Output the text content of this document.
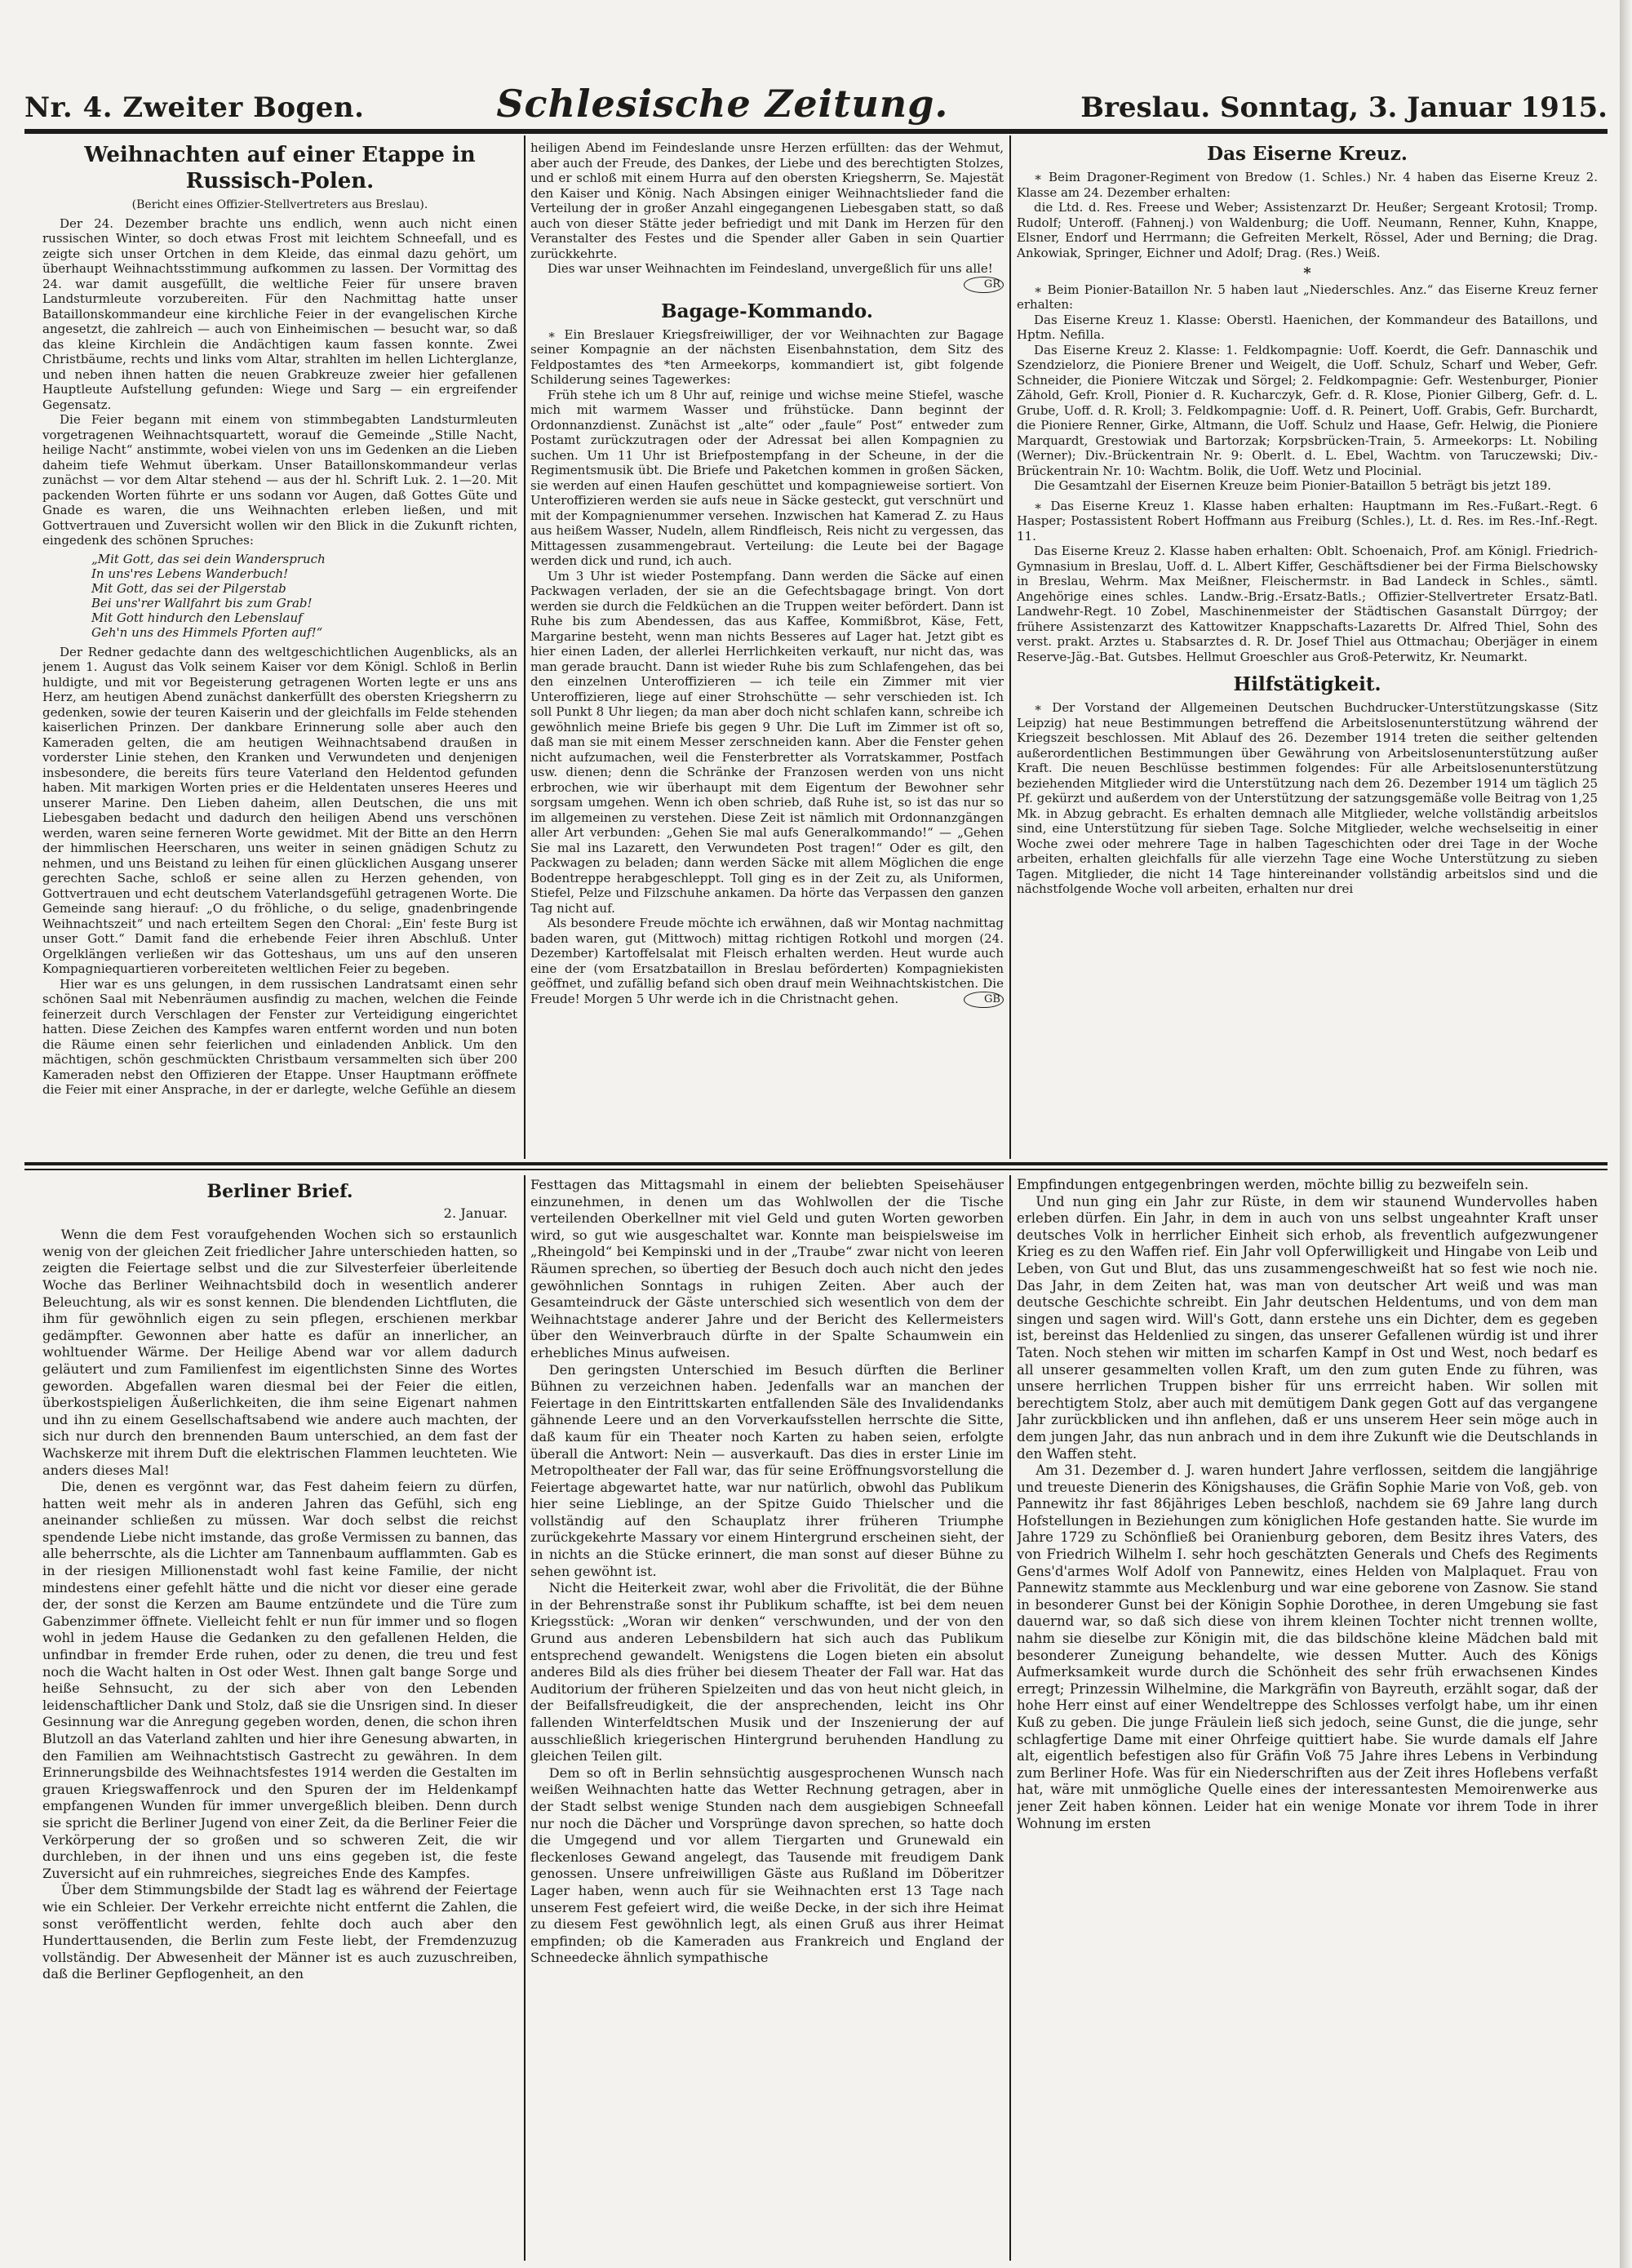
Nr. 4. Zweiter Bogen.	Schlesische Zeitung.	Breslau. Sonntag, 3. Januar 1915.
Weihnachten auf einer Etappe in Russisch-Polen.
(Bericht eines Offizier-Stellvertreters aus Breslau).

Der 24. Dezember brachte uns endlich, wenn auch nicht einen russischen Winter, so doch etwas Frost mit leichtem Schneefall, und es zeigte sich unser Ortchen in dem Kleide, das einmal dazu gehört, um überhaupt Weihnachtsstimmung aufkommen zu lassen. Der Vormittag des 24. war damit ausgefüllt, die weltliche Feier für unsere braven Landsturmleute vorzubereiten. Für den Nachmittag hatte unser Bataillonskommandeur eine kirchliche Feier in der evangelischen Kirche angesetzt, die zahlreich — auch von Einheimischen — besucht war, so daß das kleine Kirchlein die Andächtigen kaum fassen konnte. Zwei Christbäume, rechts und links vom Altar, strahlten im hellen Lichterglanze, und neben ihnen hatten die neuen Grabkreuze zweier hier gefallenen Hauptleute Aufstellung gefunden: Wiege und Sarg — ein ergreifender Gegensatz.

Die Feier begann mit einem von stimmbegabten Landsturmleuten vorgetragenen Weihnachtsquartett, worauf die Gemeinde „Stille Nacht, heilige Nacht“ anstimmte, wobei vielen von uns im Gedenken an die Lieben daheim tiefe Wehmut überkam. Unser Bataillonskommandeur verlas zunächst — vor dem Altar stehend — aus der hl. Schrift Luk. 2. 1—20. Mit packenden Worten führte er uns sodann vor Augen, daß Gottes Güte und Gnade es waren, die uns Weihnachten erleben ließen, und mit Gottvertrauen und Zuversicht wollen wir den Blick in die Zukunft richten, eingedenk des schönen Spruches:

„Mit Gott, das sei dein Wanderspruch
In uns'res Lebens Wanderbuch!
Mit Gott, das sei der Pilgerstab
Bei uns'rer Wallfahrt bis zum Grab!
Mit Gott hindurch den Lebenslauf
Geh'n uns des Himmels Pforten auf!“

Der Redner gedachte dann des weltgeschichtlichen Augenblicks, als an jenem 1. August das Volk seinem Kaiser vor dem Königl. Schloß in Berlin huldigte, und mit vor Begeisterung getragenen Worten legte er uns ans Herz, am heutigen Abend zunächst dankerfüllt des obersten Kriegsherrn zu gedenken, sowie der teuren Kaiserin und der gleichfalls im Felde stehenden kaiserlichen Prinzen. Der dankbare Erinnerung solle aber auch den Kameraden gelten, die am heutigen Weihnachtsabend draußen in vorderster Linie stehen, den Kranken und Verwundeten und denjenigen insbesondere, die bereits fürs teure Vaterland den Heldentod gefunden haben. Mit markigen Worten pries er die Heldentaten unseres Heeres und unserer Marine. Den Lieben daheim, allen Deutschen, die uns mit Liebesgaben bedacht und dadurch den heiligen Abend uns verschönen werden, waren seine ferneren Worte gewidmet. Mit der Bitte an den Herrn der himmlischen Heerscharen, uns weiter in seinen gnädigen Schutz zu nehmen, und uns Beistand zu leihen für einen glücklichen Ausgang unserer gerechten Sache, schloß er seine allen zu Herzen gehenden, von Gottvertrauen und echt deutschem Vaterlandsgefühl getragenen Worte. Die Gemeinde sang hierauf: „O du fröhliche, o du selige, gnadenbringende Weihnachtszeit“ und nach erteiltem Segen den Choral: „Ein' feste Burg ist unser Gott.“ Damit fand die erhebende Feier ihren Abschluß. Unter Orgelklängen verließen wir das Gotteshaus, um uns auf den unseren Kompagniequartieren vorbereiteten weltlichen Feier zu begeben.

Hier war es uns gelungen, in dem russischen Landratsamt einen sehr schönen Saal mit Nebenräumen ausfindig zu machen, welchen die Feinde feinerzeit durch Verschlagen der Fenster zur Verteidigung eingerichtet hatten. Diese Zeichen des Kampfes waren entfernt worden und nun boten die Räume einen sehr feierlichen und einladenden Anblick. Um den mächtigen, schön geschmückten Christbaum versammelten sich über 200 Kameraden nebst den Offizieren der Etappe. Unser Hauptmann eröffnete die Feier mit einer Ansprache, in der er darlegte, welche Gefühle an diesem

heiligen Abend im Feindeslande unsre Herzen erfüllten: das der Wehmut, aber auch der Freude, des Dankes, der Liebe und des berechtigten Stolzes, und er schloß mit einem Hurra auf den obersten Kriegsherrn, Se. Majestät den Kaiser und König. Nach Absingen einiger Weihnachtslieder fand die Verteilung der in großer Anzahl eingegangenen Liebesgaben statt, so daß auch von dieser Stätte jeder befriedigt und mit Dank im Herzen für den Veranstalter des Festes und die Spender aller Gaben in sein Quartier zurückkehrte.

Dies war unser Weihnachten im Feindesland, unvergeßlich für uns alle!
GR

Bagage-Kommando.

∗ Ein Breslauer Kriegsfreiwilliger, der vor Weihnachten zur Bagage seiner Kompagnie an der nächsten Eisenbahnstation, dem Sitz des Feldpostamtes des *ten Armeekorps, kommandiert ist, gibt folgende Schilderung seines Tagewerkes:

Früh stehe ich um 8 Uhr auf, reinige und wichse meine Stiefel, wasche mich mit warmem Wasser und frühstücke. Dann beginnt der Ordonnanzdienst. Zunächst ist „alte“ oder „faule“ Post“ entweder zum Postamt zurückzutragen oder der Adressat bei allen Kompagnien zu suchen. Um 11 Uhr ist Briefpostempfang in der Scheune, in der die Regimentsmusik übt. Die Briefe und Paketchen kommen in großen Säcken, sie werden auf einen Haufen geschüttet und kompagnieweise sortiert. Von Unteroffizieren werden sie aufs neue in Säcke gesteckt, gut verschnürt und mit der Kompagnienummer versehen. Inzwischen hat Kamerad Z. zu Haus aus heißem Wasser, Nudeln, allem Rindfleisch, Reis nicht zu vergessen, das Mittagessen zusammengebraut. Verteilung: die Leute bei der Bagage werden dick und rund, ich auch.

Um 3 Uhr ist wieder Postempfang. Dann werden die Säcke auf einen Packwagen verladen, der sie an die Gefechtsbagage bringt. Von dort werden sie durch die Feldküchen an die Truppen weiter befördert. Dann ist Ruhe bis zum Abendessen, das aus Kaffee, Kommißbrot, Käse, Fett, Margarine besteht, wenn man nichts Besseres auf Lager hat. Jetzt gibt es hier einen Laden, der allerlei Herrlichkeiten verkauft, nur nicht das, was man gerade braucht. Dann ist wieder Ruhe bis zum Schlafengehen, das bei den einzelnen Unteroffizieren — ich teile ein Zimmer mit vier Unteroffizieren, liege auf einer Strohschütte — sehr verschieden ist. Ich soll Punkt 8 Uhr liegen; da man aber doch nicht schlafen kann, schreibe ich gewöhnlich meine Briefe bis gegen 9 Uhr. Die Luft im Zimmer ist oft so, daß man sie mit einem Messer zerschneiden kann. Aber die Fenster gehen nicht aufzumachen, weil die Fensterbretter als Vorratskammer, Postfach usw. dienen; denn die Schränke der Franzosen werden von uns nicht erbrochen, wie wir überhaupt mit dem Eigentum der Bewohner sehr sorgsam umgehen. Wenn ich oben schrieb, daß Ruhe ist, so ist das nur so im allgemeinen zu verstehen. Diese Zeit ist nämlich mit Ordonnanzgängen aller Art verbunden: „Gehen Sie mal aufs Generalkommando!“ — „Gehen Sie mal ins Lazarett, den Verwundeten Post tragen!“ Oder es gilt, den Packwagen zu beladen; dann werden Säcke mit allem Möglichen die enge Bodentreppe herabgeschleppt. Toll ging es in der Zeit zu, als Uniformen, Stiefel, Pelze und Filzschuhe ankamen. Da hörte das Verpassen den ganzen Tag nicht auf.

Als besondere Freude möchte ich erwähnen, daß wir Montag nachmittag baden waren, gut (Mittwoch) mittag richtigen Rotkohl und morgen (24. Dezember) Kartoffelsalat mit Fleisch erhalten werden. Heut wurde auch eine der (vom Ersatzbataillon in Breslau beförderten) Kompagniekisten geöffnet, und zufällig befand sich oben drauf mein Weihnachtskistchen. Die Freude! Morgen 5 Uhr werde ich in die Christnacht gehen.	GB

Das Eiserne Kreuz.

∗ Beim Dragoner-Regiment von Bredow (1. Schles.) Nr. 4 haben das Eiserne Kreuz 2. Klasse am 24. Dezember erhalten:

die Ltd. d. Res. Freese und Weber; Assistenzarzt Dr. Heußer; Sergeant Krotosil; Tromp. Rudolf; Unteroff. (Fahnenj.) von Waldenburg; die Uoff. Neumann, Renner, Kuhn, Knappe, Elsner, Endorf und Herrmann; die Gefreiten Merkelt, Rössel, Ader und Berning; die Drag. Ankowiak, Springer, Eichner und Adolf; Drag. (Res.) Weiß.

∗

∗ Beim Pionier-Bataillon Nr. 5 haben laut „Niederschles. Anz.“ das Eiserne Kreuz ferner erhalten:

Das Eiserne Kreuz 1. Klasse: Oberstl. Haenichen, der Kommandeur des Bataillons, und Hptm. Nefilla.

Das Eiserne Kreuz 2. Klasse: 1. Feldkompagnie: Uoff. Koerdt, die Gefr. Dannaschik und Szendzielorz, die Pioniere Brener und Weigelt, die Uoff. Schulz, Scharf und Weber, Gefr. Schneider, die Pioniere Witczak und Sörgel; 2. Feldkompagnie: Gefr. Westenburger, Pionier Zähold, Gefr. Kroll, Pionier d. R. Kucharczyk, Gefr. d. R. Klose, Pionier Gilberg, Gefr. d. L. Grube, Uoff. d. R. Kroll; 3. Feldkompagnie: Uoff. d. R. Peinert, Uoff. Grabis, Gefr. Burchardt, die Pioniere Renner, Girke, Altmann, die Uoff. Schulz und Haase, Gefr. Helwig, die Pioniere Marquardt, Grestowiak und Bartorzak; Korpsbrücken-Train, 5. Armeekorps: Lt. Nobiling (Werner); Div.-Brückentrain Nr. 9: Oberlt. d. L. Ebel, Wachtm. von Taruczewski; Div.-Brückentrain Nr. 10: Wachtm. Bolik, die Uoff. Wetz und Plocinial.

Die Gesamtzahl der Eisernen Kreuze beim Pionier-Bataillon 5 beträgt bis jetzt 189.

∗ Das Eiserne Kreuz 1. Klasse haben erhalten: Hauptmann im Res.-Fußart.-Regt. 6 Hasper; Postassistent Robert Hoffmann aus Freiburg (Schles.), Lt. d. Res. im Res.-Inf.-Regt. 11.

Das Eiserne Kreuz 2. Klasse haben erhalten: Oblt. Schoenaich, Prof. am Königl. Friedrich-Gymnasium in Breslau, Uoff. d. L. Albert Kiffer, Geschäftsdiener bei der Firma Bielschowsky in Breslau, Wehrm. Max Meißner, Fleischermstr. in Bad Landeck in Schles., sämtl. Angehörige eines schles. Landw.-Brig.-Ersatz-Batls.; Offizier-Stellvertreter Ersatz-Batl. Landwehr-Regt. 10 Zobel, Maschinenmeister der Städtischen Gasanstalt Dürrgoy; der frühere Assistenzarzt des Kattowitzer Knappschafts-Lazaretts Dr. Alfred Thiel, Sohn des verst. prakt. Arztes u. Stabsarztes d. R. Dr. Josef Thiel aus Ottmachau; Oberjäger in einem Reserve-Jäg.-Bat. Gutsbes. Hellmut Groeschler aus Groß-Peterwitz, Kr. Neumarkt.

Hilfstätigkeit.

∗ Der Vorstand der Allgemeinen Deutschen Buchdrucker-Unterstützungskasse (Sitz Leipzig) hat neue Bestimmungen betreffend die Arbeitslosenunterstützung während der Kriegszeit beschlossen. Mit Ablauf des 26. Dezember 1914 treten die seither geltenden außerordentlichen Bestimmungen über Gewährung von Arbeitslosenunterstützung außer Kraft. Die neuen Beschlüsse bestimmen folgendes: Für alle Arbeitslosenunterstützung beziehenden Mitglieder wird die Unterstützung nach dem 26. Dezember 1914 um täglich 25 Pf. gekürzt und außerdem von der Unterstützung der satzungsgemäße volle Beitrag von 1,25 Mk. in Abzug gebracht. Es erhalten demnach alle Mitglieder, welche vollständig arbeitslos sind, eine Unterstützung für sieben Tage. Solche Mitglieder, welche wechselseitig in einer Woche zwei oder mehrere Tage in halben Tageschichten oder drei Tage in der Woche arbeiten, erhalten gleichfalls für alle vierzehn Tage eine Woche Unterstützung zu sieben Tagen. Mitglieder, die nicht 14 Tage hintereinander vollständig arbeitslos sind und die nächstfolgende Woche voll arbeiten, erhalten nur drei

Berliner Brief.
2. Januar.

Wenn die dem Fest voraufgehenden Wochen sich so erstaunlich wenig von der gleichen Zeit friedlicher Jahre unterschieden hatten, so zeigten die Feiertage selbst und die zur Silvesterfeier überleitende Woche das Berliner Weihnachtsbild doch in wesentlich anderer Beleuchtung, als wir es sonst kennen. Die blendenden Lichtfluten, die ihm für gewöhnlich eigen zu sein pflegen, erschienen merkbar gedämpfter. Gewonnen aber hatte es dafür an innerlicher, an wohltuender Wärme. Der Heilige Abend war vor allem dadurch geläutert und zum Familienfest im eigentlichsten Sinne des Wortes geworden. Abgefallen waren diesmal bei der Feier die eitlen, überkostspieligen Äußerlichkeiten, die ihm seine Eigenart nahmen und ihn zu einem Gesellschaftsabend wie andere auch machten, der sich nur durch den brennenden Baum unterschied, an dem fast der Wachskerze mit ihrem Duft die elektrischen Flammen leuchteten. Wie anders dieses Mal!

Die, denen es vergönnt war, das Fest daheim feiern zu dürfen, hatten weit mehr als in anderen Jahren das Gefühl, sich eng aneinander schließen zu müssen. War doch selbst die reichst spendende Liebe nicht imstande, das große Vermissen zu bannen, das alle beherrschte, als die Lichter am Tannenbaum aufflammten. Gab es in der riesigen Millionenstadt wohl fast keine Familie, der nicht mindestens einer gefehlt hätte und die nicht vor dieser eine gerade der, der sonst die Kerzen am Baume entzündete und die Türe zum Gabenzimmer öffnete. Vielleicht fehlt er nun für immer und so flogen wohl in jedem Hause die Gedanken zu den gefallenen Helden, die unfindbar in fremder Erde ruhen, oder zu denen, die treu und fest noch die Wacht halten in Ost oder West. Ihnen galt bange Sorge und heiße Sehnsucht, zu der sich aber von den Lebenden leidenschaftlicher Dank und Stolz, daß sie die Unsrigen sind. In dieser Gesinnung war die Anregung gegeben worden, denen, die schon ihren Blutzoll an das Vaterland zahlten und hier ihre Genesung abwarten, in den Familien am Weihnachtstisch Gastrecht zu gewähren. In dem Erinnerungsbilde des Weihnachtsfestes 1914 werden die Gestalten im grauen Kriegswaffenrock und den Spuren der im Heldenkampf empfangenen Wunden für immer unvergeßlich bleiben. Denn durch sie spricht die Berliner Jugend von einer Zeit, da die Berliner Feier die Verkörperung der so großen und so schweren Zeit, die wir durchleben, in der ihnen und uns eins gegeben ist, die feste Zuversicht auf ein ruhmreiches, siegreiches Ende des Kampfes.

Über dem Stimmungsbilde der Stadt lag es während der Feiertage wie ein Schleier. Der Verkehr erreichte nicht entfernt die Zahlen, die sonst veröffentlicht werden, fehlte doch auch aber den Hunderttausenden, die Berlin zum Feste liebt, der Fremdenzuzug vollständig. Der Abwesenheit der Männer ist es auch zuzuschreiben, daß die Berliner Gepflogenheit, an den

Festtagen das Mittagsmahl in einem der beliebten Speisehäuser einzunehmen, in denen um das Wohlwollen der die Tische verteilenden Oberkellner mit viel Geld und guten Worten geworben wird, so gut wie ausgeschaltet war. Konnte man beispielsweise im „Rheingold“ bei Kempinski und in der „Traube“ zwar nicht von leeren Räumen sprechen, so übertieg der Besuch doch auch nicht den jedes gewöhnlichen Sonntags in ruhigen Zeiten. Aber auch der Gesamteindruck der Gäste unterschied sich wesentlich von dem der Weihnachtstage anderer Jahre und der Bericht des Kellermeisters über den Weinverbrauch dürfte in der Spalte Schaumwein ein erhebliches Minus aufweisen.

Den geringsten Unterschied im Besuch dürften die Berliner Bühnen zu verzeichnen haben. Jedenfalls war an manchen der Feiertage in den Eintrittskarten entfallenden Säle des Invalidendanks gähnende Leere und an den Vorverkaufsstellen herrschte die Sitte, daß kaum für ein Theater noch Karten zu haben seien, erfolgte überall die Antwort: Nein — ausverkauft. Das dies in erster Linie im Metropoltheater der Fall war, das für seine Eröffnungsvorstellung die Feiertage abgewartet hatte, war nur natürlich, obwohl das Publikum hier seine Lieblinge, an der Spitze Guido Thielscher und die vollständig auf den Schauplatz ihrer früheren Triumphe zurückgekehrte Massary vor einem Hintergrund erscheinen sieht, der in nichts an die Stücke erinnert, die man sonst auf dieser Bühne zu sehen gewöhnt ist.

Nicht die Heiterkeit zwar, wohl aber die Frivolität, die der Bühne in der Behrenstraße sonst ihr Publikum schaffte, ist bei dem neuen Kriegsstück: „Woran wir denken“ verschwunden, und der von den Grund aus anderen Lebensbildern hat sich auch das Publikum entsprechend gewandelt. Wenigstens die Logen bieten ein absolut anderes Bild als dies früher bei diesem Theater der Fall war. Hat das Auditorium der früheren Spielzeiten und das von heut nicht gleich, in der Beifallsfreudigkeit, die der ansprechenden, leicht ins Ohr fallenden Winterfeldtschen Musik und der Inszenierung der auf ausschließlich kriegerischen Hintergrund beruhenden Handlung zu gleichen Teilen gilt.

Dem so oft in Berlin sehnsüchtig ausgesprochenen Wunsch nach weißen Weihnachten hatte das Wetter Rechnung getragen, aber in der Stadt selbst wenige Stunden nach dem ausgiebigen Schneefall nur noch die Dächer und Vorsprünge davon sprechen, so hatte doch die Umgegend und vor allem Tiergarten und Grunewald ein fleckenloses Gewand angelegt, das Tausende mit freudigem Dank genossen. Unsere unfreiwilligen Gäste aus Rußland im Döberitzer Lager haben, wenn auch für sie Weihnachten erst 13 Tage nach unserem Fest gefeiert wird, die weiße Decke, in der sich ihre Heimat zu diesem Fest gewöhnlich legt, als einen Gruß aus ihrer Heimat empfinden; ob die Kameraden aus Frankreich und England der Schneedecke ähnlich sympathische

Empfindungen entgegenbringen werden, möchte billig zu bezweifeln sein.

Und nun ging ein Jahr zur Rüste, in dem wir staunend Wundervolles haben erleben dürfen. Ein Jahr, in dem in auch von uns selbst ungeahnter Kraft unser deutsches Volk in herrlicher Einheit sich erhob, als freventlich aufgezwungener Krieg es zu den Waffen rief. Ein Jahr voll Opferwilligkeit und Hingabe von Leib und Leben, von Gut und Blut, das uns zusammengeschweißt hat so fest wie noch nie. Das Jahr, in dem Zeiten hat, was man von deutscher Art weiß und was man deutsche Geschichte schreibt. Ein Jahr deutschen Heldentums, und von dem man singen und sagen wird. Will's Gott, dann erstehe uns ein Dichter, dem es gegeben ist, bereinst das Heldenlied zu singen, das unserer Gefallenen würdig ist und ihrer Taten. Noch stehen wir mitten im scharfen Kampf in Ost und West, noch bedarf es all unserer gesammelten vollen Kraft, um den zum guten Ende zu führen, was unsere herrlichen Truppen bisher für uns errreicht haben. Wir sollen mit berechtigtem Stolz, aber auch mit demütigem Dank gegen Gott auf das vergangene Jahr zurückblicken und ihn anflehen, daß er uns unserem Heer sein möge auch in dem jungen Jahr, das nun anbrach und in dem ihre Zukunft wie die Deutschlands in den Waffen steht.

Am 31. Dezember d. J. waren hundert Jahre verflossen, seitdem die langjährige und treueste Dienerin des Königshauses, die Gräfin Sophie Marie von Voß, geb. von Pannewitz ihr fast 86jähriges Leben beschloß, nachdem sie 69 Jahre lang durch Hofstellungen in Beziehungen zum königlichen Hofe gestanden hatte. Sie wurde im Jahre 1729 zu Schönfließ bei Oranienburg geboren, dem Besitz ihres Vaters, des von Friedrich Wilhelm I. sehr hoch geschätzten Generals und Chefs des Regiments Gens'd'armes Wolf Adolf von Pannewitz, eines Helden von Malplaquet. Frau von Pannewitz stammte aus Mecklenburg und war eine geborene von Zasnow. Sie stand in besonderer Gunst bei der Königin Sophie Dorothee, in deren Umgebung sie fast dauernd war, so daß sich diese von ihrem kleinen Tochter nicht trennen wollte, nahm sie dieselbe zur Königin mit, die das bildschöne kleine Mädchen bald mit besonderer Zuneigung behandelte, wie dessen Mutter. Auch des Königs Aufmerksamkeit wurde durch die Schönheit des sehr früh erwachsenen Kindes erregt; Prinzessin Wilhelmine, die Markgräfin von Bayreuth, erzählt sogar, daß der hohe Herr einst auf einer Wendeltreppe des Schlosses verfolgt habe, um ihr einen Kuß zu geben. Die junge Fräulein ließ sich jedoch, seine Gunst, die die junge, sehr schlagfertige Dame mit einer Ohrfeige quittiert habe. Sie wurde damals elf Jahre alt, eigentlich befestigen also für Gräfin Voß 75 Jahre ihres Lebens in Verbindung zum Berliner Hofe. Was für ein Niederschriften aus der Zeit ihres Hoflebens verfaßt hat, wäre mit unmögliche Quelle eines der interessantesten Memoirenwerke aus jener Zeit haben können. Leider hat ein wenige Monate vor ihrem Tode in ihrer Wohnung im ersten
